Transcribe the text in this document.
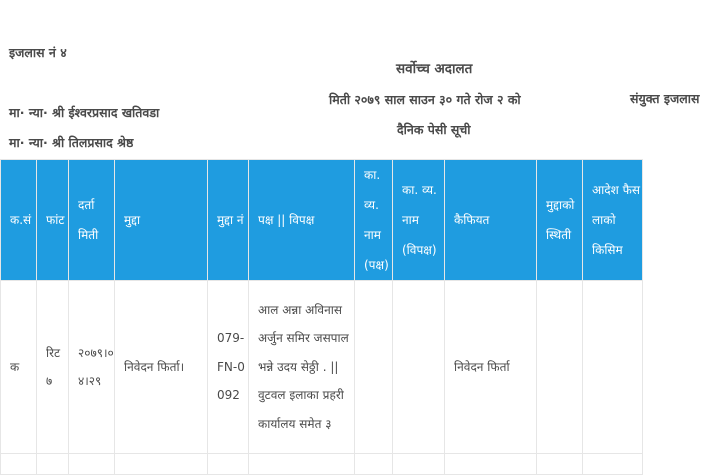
इजलास नं ४
सर्वोच्च अदालत
मिती २०७९ साल साउन ३० गते रोज २ को	संयुक्त इजलास
मा· न्या· श्री ईश्वरप्रसाद खतिवडा
दैनिक पेसी सूची
मा· न्या· श्री तिलप्रसाद श्रेष्ठ
क.सं	फांट	दर्ता मिती	मुद्दा	मुद्दा नं	पक्ष || विपक्ष	का. व्य. नाम (पक्ष)	का. व्य. नाम (विपक्ष)	कैफियत	मुद्दाको स्थिती	आदेश फैसलाको किसिम
क	रिट ७	२०७९।०४।२९	निवेदन फिर्ता।	079-FN-0092	आल अन्ना अविनास अर्जुन समिर जसपाल भन्ने उदय सेठ्ठी . || वुटवल इलाका प्रहरी कार्यालय समेत ३			निवेदन फिर्ता		
